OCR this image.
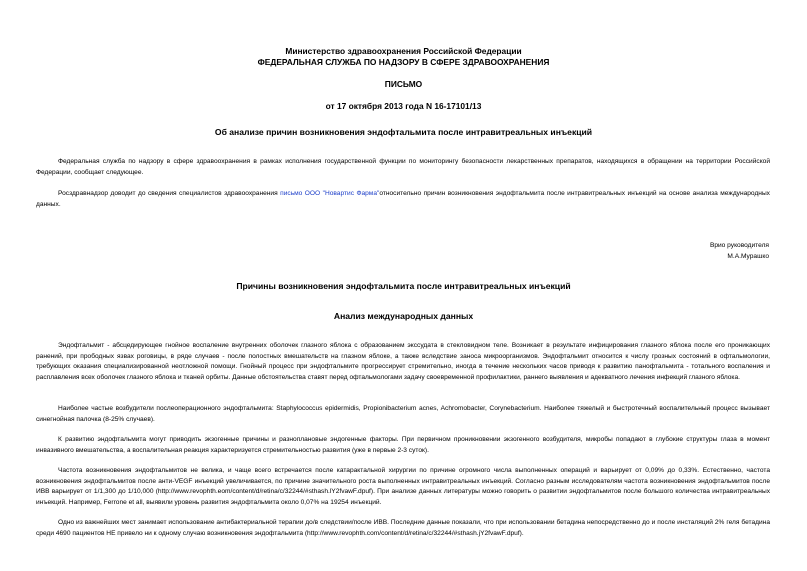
Министерство здравоохранения Российской Федерации
ФЕДЕРАЛЬНАЯ СЛУЖБА ПО НАДЗОРУ В СФЕРЕ ЗДРАВООХРАНЕНИЯ
ПИСЬМО
от 17 октября 2013 года N 16-17101/13
Об анализе причин возникновения эндофтальмита после интравитреальных инъекций

Федеральная служба по надзору в сфере здравоохранения в рамках исполнения государственной функции по мониторингу безопасности лекарственных препаратов, находящихся в обращении на территории Российской Федерации, сообщает следующее.

Росздравнадзор доводит до сведения специалистов здравоохранения письмо ООО "Новартис Фарма"относительно причин возникновения эндофтальмита после интравитреальных инъекций на основе анализа международных данных.

Врио руководителя
М.А.Мурашко
Причины возникновения эндофтальмита после интравитреальных инъекций
Анализ международных данных

Эндофтальмит - абсцедирующее гнойное воспаление внутренних оболочек глазного яблока с образованием экссудата в стекловидном теле. Возникает в результате инфицирования глазного яблока после его проникающих ранений, при прободных язвах роговицы, в ряде случаев - после полостных вмешательств на глазном яблоке, а также вследствие заноса микроорганизмов. Эндофтальмит относится к числу грозных состояний в офтальмологии, требующих оказания специализированной неотложной помощи. Гнойный процесс при эндофтальмите прогрессирует стремительно, иногда в течение нескольких часов приводя к развитию панофтальмита - тотального воспаления и расплавления всех оболочек глазного яблока и тканей орбиты. Данные обстоятельства ставят перед офтальмологами задачу своевременной профилактики, раннего выявления и адекватного лечения инфекций глазного яблока.

Наиболее частые возбудители послеоперационного эндофтальмита: Staphylococcus epidermidis, Propionibacterium acnes, Achromobacter, Corynebacterium. Наиболее тяжелый и быстротечный воспалительный процесс вызывает синегнойная палочка (8-25% случаев).

К развитию эндофтальмита могут приводить экзогенные причины и разноплановые эндогенные факторы. При первичном проникновении экзогенного возбудителя, микробы попадают в глубокие структуры глаза в момент инвазивного вмешательства, а воспалительная реакция характеризуется стремительностью развития (уже в первые 2-3 суток).

Частота возникновения эндофтальмитов не велика, и чаще всего встречается после катарактальной хирургии по причине огромного числа выполненных операций и варьирует от 0,09% до 0,33%. Естественно, частота возникновения эндофтальмитов после анти-VEGF инъекций увеличивается, по причине значительного роста выполненных интравитреальных инъекций. Согласно разным исследователям частота возникновения эндофтальмитов после ИВВ варьирует от 1/1,300 до 1/10,000 (http://www.revophth.eom/content/d/retina/c/32244/#sthash.lY2fvawF.dpuf). При анализе данных литературы можно говорить о развитии эндофтальмитов после большого количества интравитреальных инъекций. Например, Ferrone et all, выявили уровень развития эндофтальмита около 0,07% на 19254 инъекций.

Одно из важнейших мест занимает использование антибактериальной терапии до/в следствии/после ИВВ. Последние данные показали, что при использовании бетадина непосредственно до и после инсталяций 2% геля бетадина среди 4690 пациентов НЕ привело ни к одному случаю возникновения эндофтальмита (http://www.revophth.com/content/d/retina/c/32244/#sthash.jY2fvawF.dpuf).
